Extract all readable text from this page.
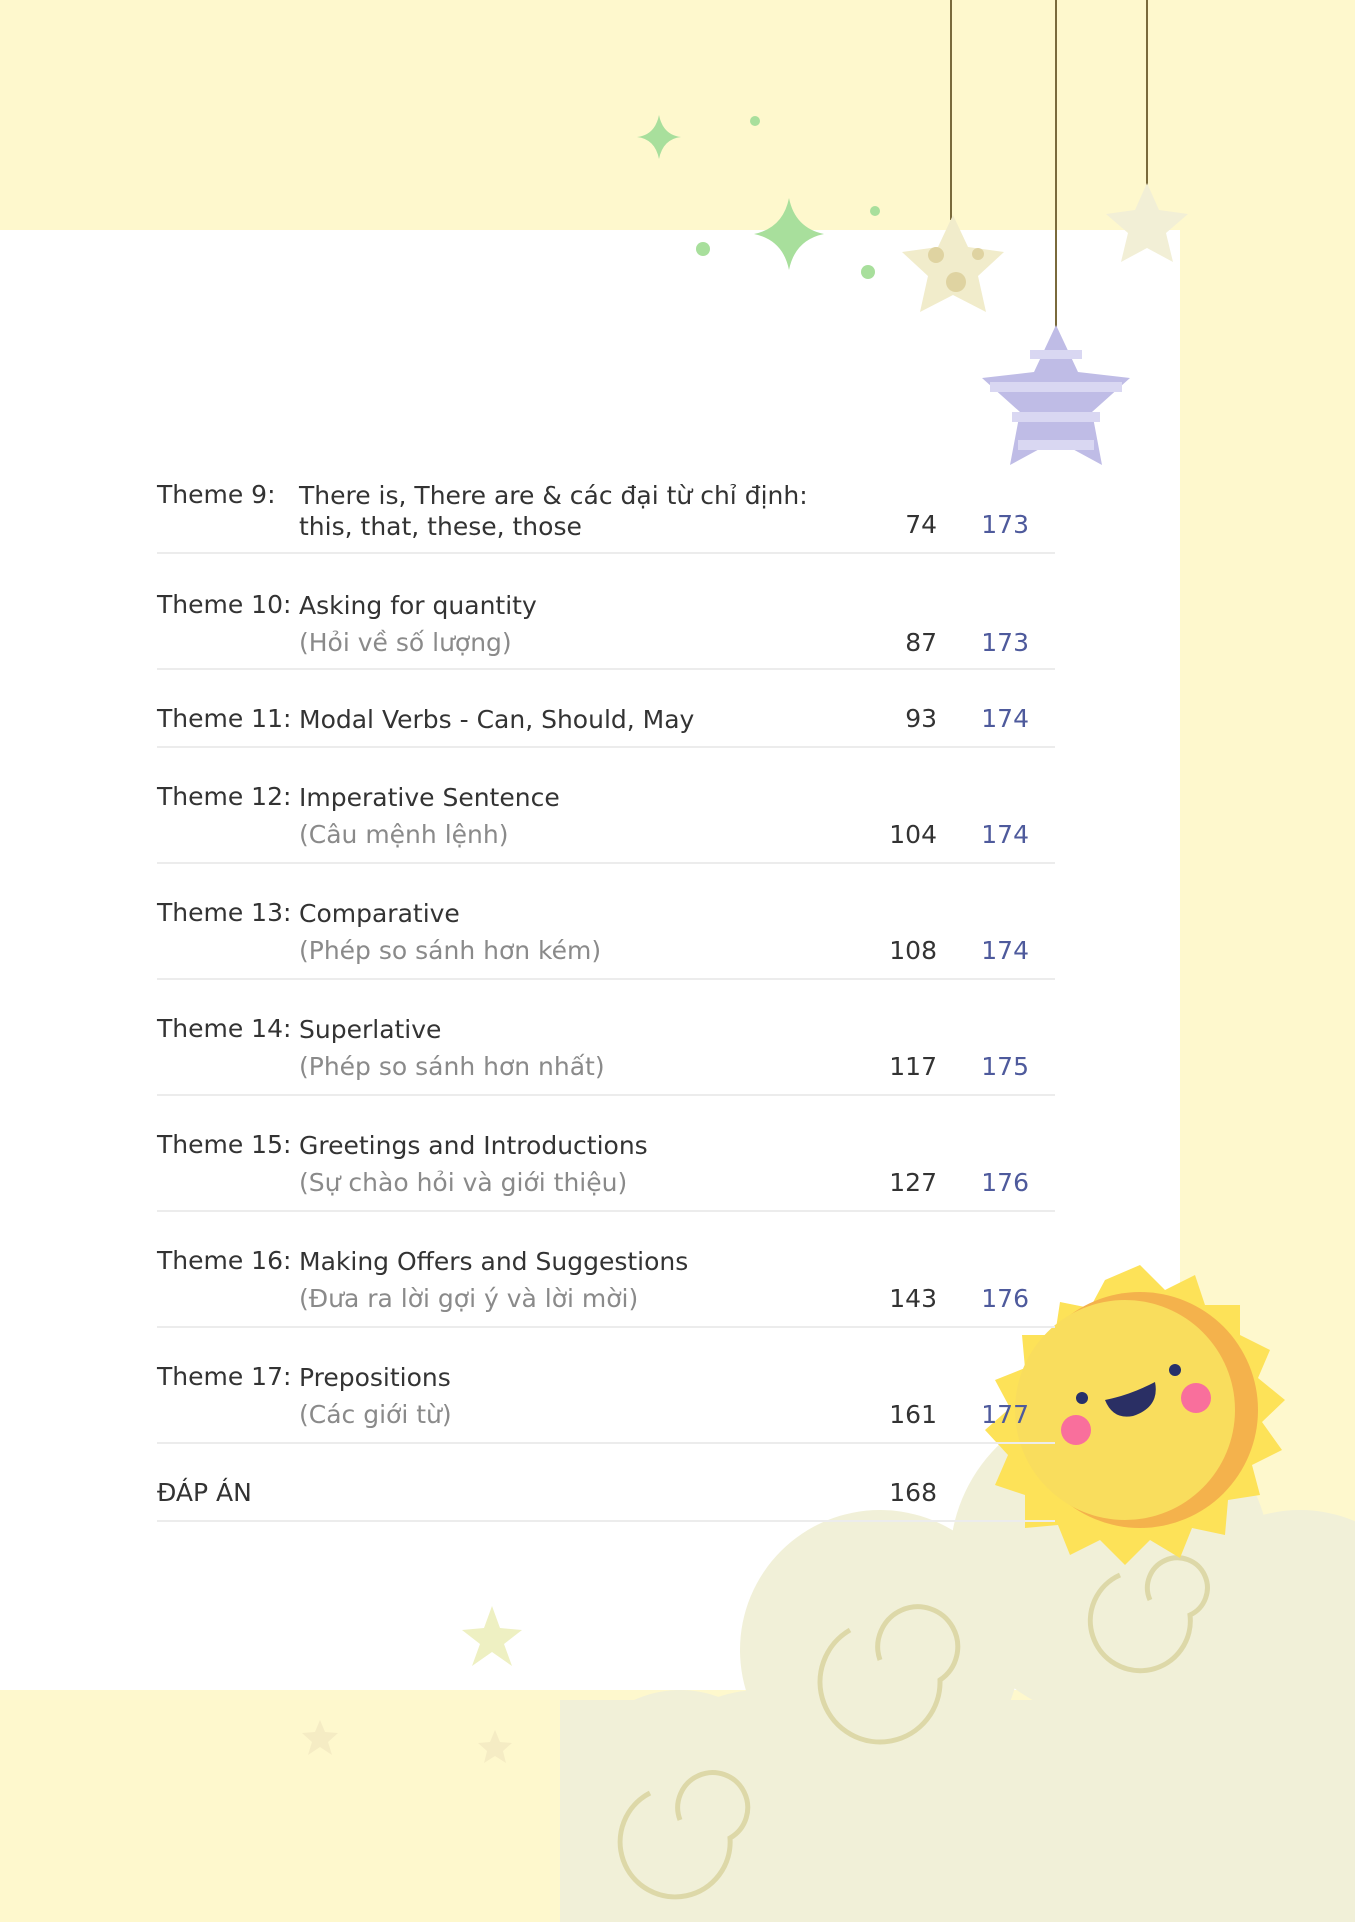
Theme 9: There is, There are & các đại từ chỉ định: this, that, these, those	74 173
Theme 10: Asking for quantity
(Hỏi về số lượng)	87 173
Theme 11: Modal Verbs - Can, Should, May	93 174
Theme 12: Imperative Sentence
(Câu mệnh lệnh)	104 174
Theme 13: Comparative
(Phép so sánh hơn kém)	108 174
Theme 14: Superlative
(Phép so sánh hơn nhất)	117 175
Theme 15: Greetings and Introductions
(Sự chào hỏi và giới thiệu)	127 176
Theme 16: Making Offers and Suggestions
(Đưa ra lời gợi ý và lời mời)	143 176
Theme 17: Prepositions
(Các giới từ)	161 177
ĐÁP ÁN	168
